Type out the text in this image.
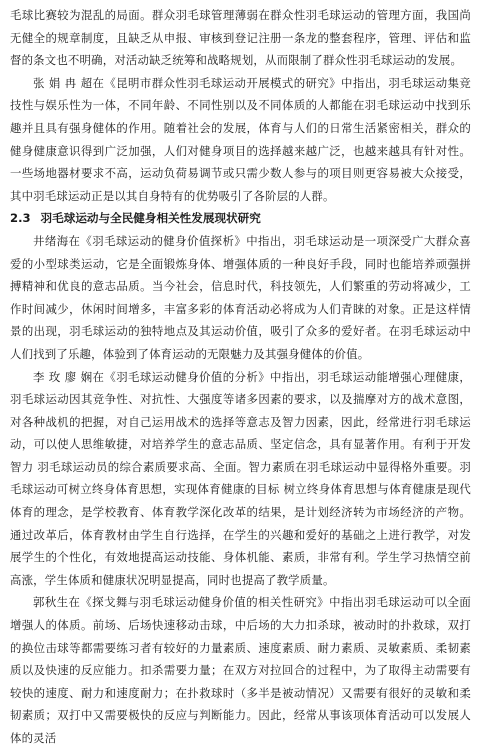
毛球比赛较为混乱的局面。群众羽毛球管理薄弱在群众性羽毛球运动的管理方面，我国尚无健全的规章制度，且缺乏从申报、审核到登记注册一条龙的整套程序，管理、评估和监督的条文也不明确，对活动缺乏统筹和战略规划，从而限制了群众性羽毛球运动的发展。

张 娟 冉 超在《昆明市群众性羽毛球运动开展模式的研究》中指出，羽毛球运动集竞技性与娱乐性为一体，不同年龄、不同性别以及不同体质的人都能在羽毛球运动中找到乐趣并且具有强身健体的作用。随着社会的发展，体育与人们的日常生活紧密相关，群众的健身健康意识得到广泛加强，人们对健身项目的选择越来越广泛，也越来越具有针对性。一些场地器材要求不高，运动负荷易调节或只需少数人参与的项目则更容易被大众接受，其中羽毛球运动正是以其自身特有的优势吸引了各阶层的人群。

2.3 羽毛球运动与全民健身相关性发展现状研究

井绪海在《羽毛球运动的健身价值探析》中指出，羽毛球运动是一项深受广大群众喜爱的小型球类运动，它是全面锻炼身体、增强体质的一种良好手段，同时也能培养顽强拼搏精神和优良的意志品质。当今社会，信息时代，科技领先，人们繁重的劳动将减少，工作时间减少，休闲时间增多，丰富多彩的体育活动必将成为人们青睐的对象。正是这样情景的出现，羽毛球运动的独特地点及其运动价值，吸引了众多的爱好者。在羽毛球运动中人们找到了乐趣，体验到了体育运动的无限魅力及其强身健体的价值。

李 玫 廖 娴在《羽毛球运动健身价值的分析》中指出，羽毛球运动能增强心理健康，羽毛球运动因其竞争性、对抗性、大强度等诸多因素的要求，以及揣摩对方的战术意图，对各种战机的把握，对自己运用战术的选择等意志及智力因素，因此，经常进行羽毛球运动，可以使人思维敏捷，对培养学生的意志品质、坚定信念，具有显著作用。有利于开发智力 羽毛球运动员的综合素质要求高、全面。智力素质在羽毛球运动中显得格外重要。羽毛球运动可树立终身体育思想，实现体育健康的目标 树立终身体育思想与体育健康是现代体育的理念，是学校教育、体育教学深化改革的结果，是计划经济转为市场经济的产物。通过改革后，体育教材由学生自行选择，在学生的兴趣和爱好的基础之上进行教学，对发展学生的个性化，有效地提高运动技能、身体机能、素质，非常有利。学生学习热情空前高涨，学生体质和健康状况明显提高，同时也提高了教学质量。

郭秋生在《探戈舞与羽毛球运动健身价值的相关性研究》中指出羽毛球运动可以全面增强人的体质。前场、后场快速移动击球，中后场的大力扣杀球，被动时的扑救球，双打的换位击球等都需要练习者有较好的力量素质、速度素质、耐力素质、灵敏素质、柔韧素质以及快速的反应能力。扣杀需要力量；在双方对拉回合的过程中，为了取得主动需要有较快的速度、耐力和速度耐力；在扑救球时（多半是被动情况）又需要有很好的灵敏和柔韧素质；双打中又需要极快的反应与判断能力。因此，经常从事该项体育活动可以发展人体的灵活
